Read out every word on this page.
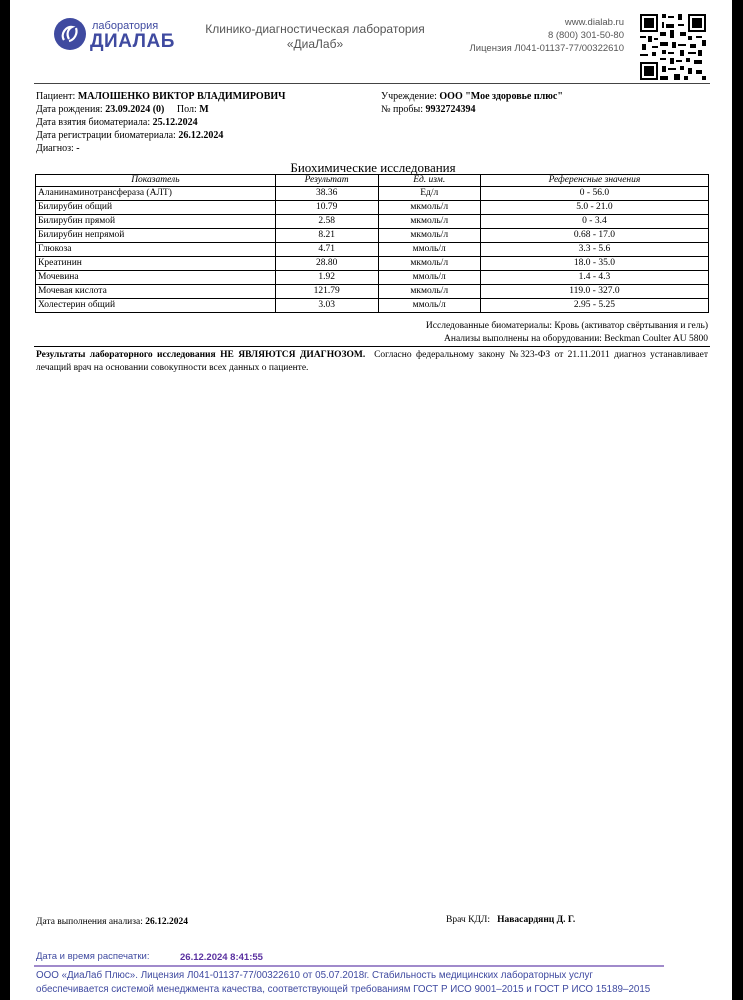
лаборатория
ДИАЛАБ
Клинико-диагностическая лаборатория
«ДиаЛаб»
www.dialab.ru
8 (800) 301-50-80
Лицензия Л041-01137-77/00322610
Пациент: МАЛОШЕНКО ВИКТОР ВЛАДИМИРОВИЧ
Дата рождения: 23.09.2024 (0) Пол: М
Дата взятия биоматериала: 25.12.2024
Дата регистрации биоматериала: 26.12.2024
Диагноз: -
Учреждение: ООО "Мое здоровье плюс"
№ пробы: 9932724394
Биохимические исследования
Показатель	Результат	Ед. изм.	Референсные значения
Аланинаминотрансфераза (АЛТ)	38.36	Ед/л	0 - 56.0
Билирубин общий	10.79	мкмоль/л	5.0 - 21.0
Билирубин прямой	2.58	мкмоль/л	0 - 3.4
Билирубин непрямой	8.21	мкмоль/л	0.68 - 17.0
Глюкоза	4.71	ммоль/л	3.3 - 5.6
Креатинин	28.80	мкмоль/л	18.0 - 35.0
Мочевина	1.92	ммоль/л	1.4 - 4.3
Мочевая кислота	121.79	мкмоль/л	119.0 - 327.0
Холестерин общий	3.03	ммоль/л	2.95 - 5.25
Исследованные биоматериалы: Кровь (активатор свёртывания и гель)
Анализы выполнены на оборудовании: Beckman Coulter AU 5800
Результаты лабораторного исследования НЕ ЯВЛЯЮТСЯ ДИАГНОЗОМ. Согласно федеральному закону №323-ФЗ от 21.11.2011 диагноз устанавливает лечащий врач на основании совокупности всех данных о пациенте.
Дата выполнения анализа: 26.12.2024	Врач КДЛ: Навасардянц Д. Г.
Дата и время распечатки:	26.12.2024 8:41:55
ООО «ДиаЛаб Плюс». Лицензия Л041-01137-77/00322610 от 05.07.2018г. Стабильность медицинских лабораторных услуг
обеспечивается системой менеджмента качества, соответствующей требованиям ГОСТ Р ИСО 9001–2015 и ГОСТ Р ИСО 15189–2015
